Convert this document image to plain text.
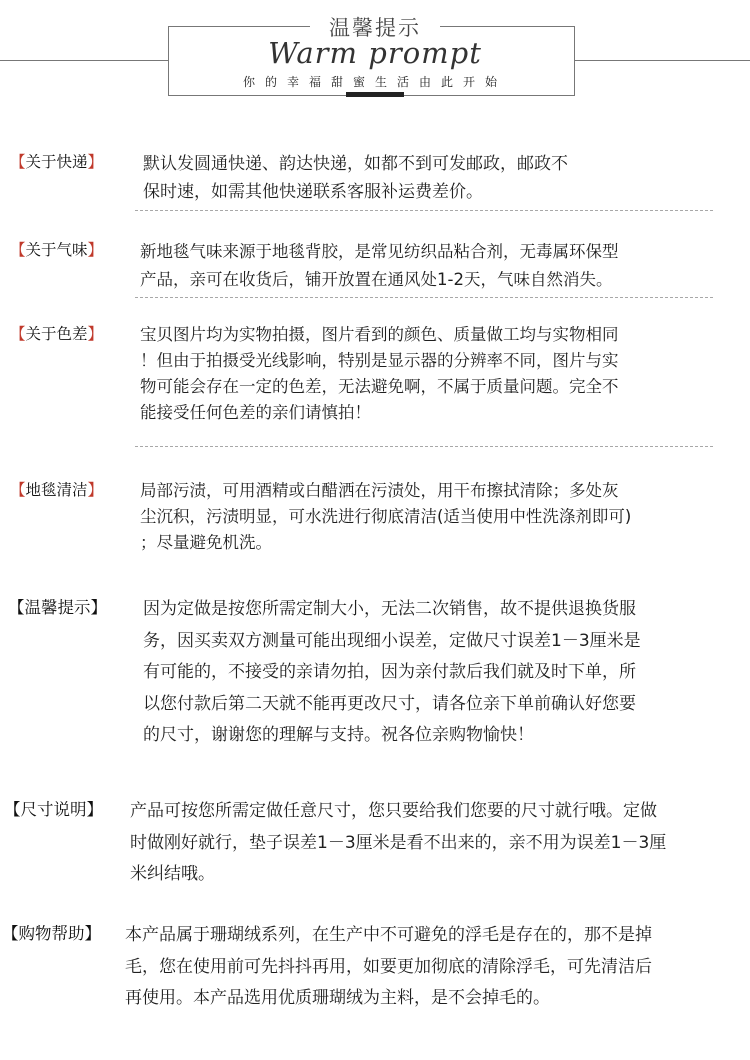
温馨提示
Warm prompt
你的幸福甜蜜生活由此开始
【关于快递】 默认发圆通快递、韵达快递，如都不到可发邮政，邮政不
保时速，如需其他快递联系客服补运费差价。
【关于气味】 新地毯气味来源于地毯背胶，是常见纺织品粘合剂，无毒属环保型
产品，亲可在收货后，铺开放置在通风处1-2天，气味自然消失。
【关于色差】 宝贝图片均为实物拍摄，图片看到的颜色、质量做工均与实物相同
！但由于拍摄受光线影响，特别是显示器的分辨率不同，图片与实
物可能会存在一定的色差，无法避免啊，不属于质量问题。完全不
能接受任何色差的亲们请慎拍！
【地毯清洁】 局部污渍，可用酒精或白醋洒在污渍处，用干布擦拭清除；多处灰
尘沉积，污渍明显，可水洗进行彻底清洁(适当使用中性洗涤剂即可)
；尽量避免机洗。
【温馨提示】 因为定做是按您所需定制大小，无法二次销售，故不提供退换货服
务，因买卖双方测量可能出现细小误差，定做尺寸误差1－3厘米是
有可能的，不接受的亲请勿拍，因为亲付款后我们就及时下单，所
以您付款后第二天就不能再更改尺寸，请各位亲下单前确认好您要
的尺寸，谢谢您的理解与支持。祝各位亲购物愉快！
【尺寸说明】 产品可按您所需定做任意尺寸，您只要给我们您要的尺寸就行哦。定做
时做刚好就行，垫子误差1－3厘米是看不出来的，亲不用为误差1－3厘
米纠结哦。
【购物帮助】 本产品属于珊瑚绒系列，在生产中不可避免的浮毛是存在的，那不是掉
毛，您在使用前可先抖抖再用，如要更加彻底的清除浮毛，可先清洁后
再使用。本产品选用优质珊瑚绒为主料，是不会掉毛的。
